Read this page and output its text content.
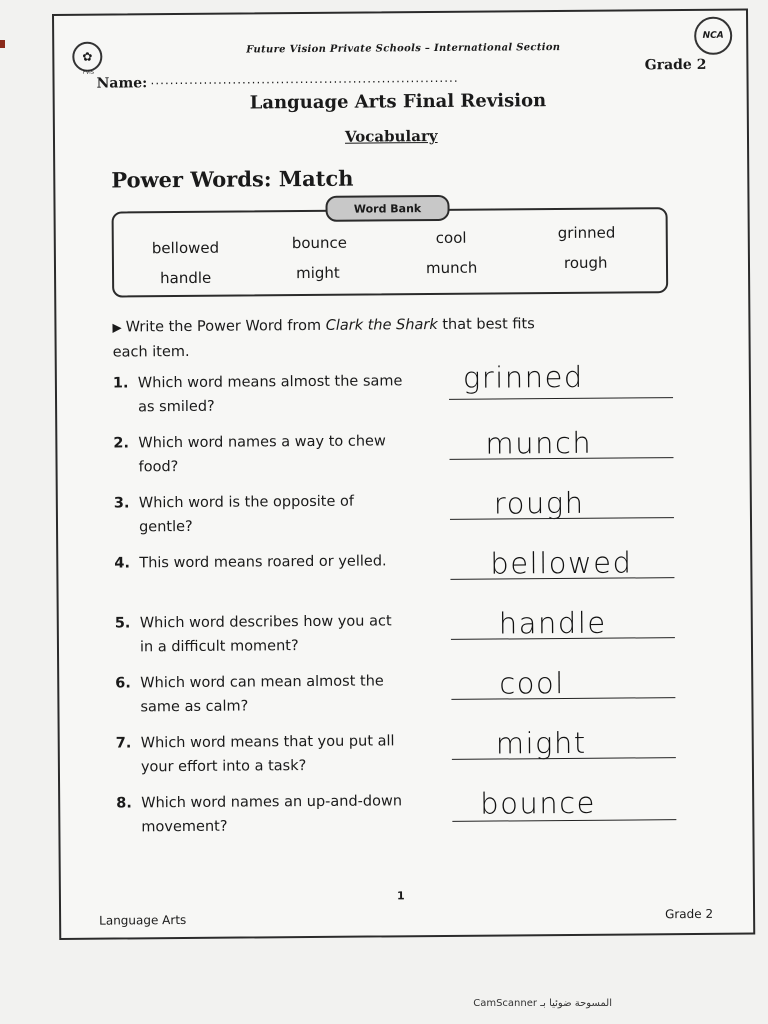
✿
FVIS
Future Vision Private Schools – International Section
NCA
Grade 2
Name: ................................................................
Language Arts Final Revision
Vocabulary
Power Words: Match
Word Bank
bellowed	bounce	cool	grinned
handle	might	munch	rough
▶ Write the Power Word from Clark the Shark that best fits each item.
1. Which word means almost the same as smiled?
2. Which word names a way to chew food?
3. Which word is the opposite of gentle?
4. This word means roared or yelled.
5. Which word describes how you act in a difficult moment?
6. Which word can mean almost the same as calm?
7. Which word means that you put all your effort into a task?
8. Which word names an up-and-down movement?
grinned
munch
rough
bellowed
handle
cool
might
bounce
1
Language Arts	Grade 2
CamScanner المسوحة ضوئيا بـ
